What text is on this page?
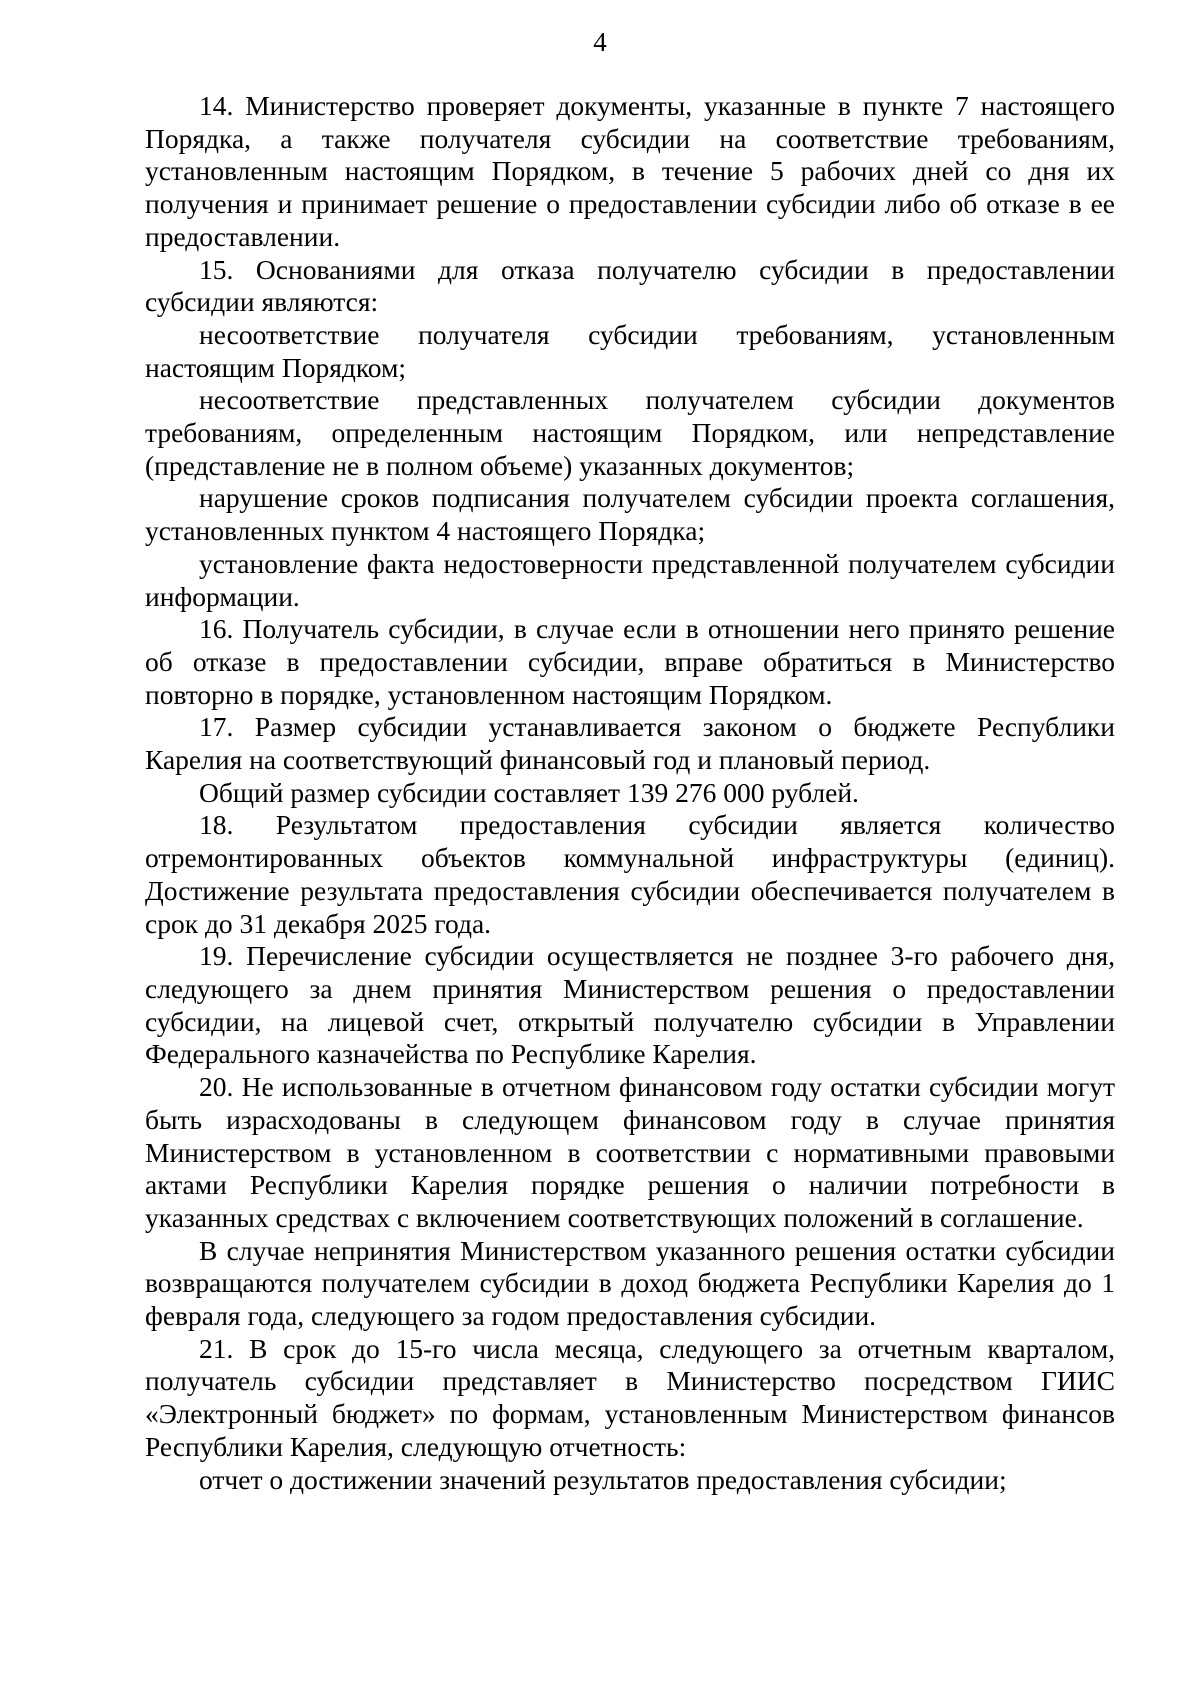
4

14. Министерство проверяет документы, указанные в пункте 7 настоящего Порядка, а также получателя субсидии на соответствие требованиям, установленным настоящим Порядком, в течение 5 рабочих дней со дня их получения и принимает решение о предоставлении субсидии либо об отказе в ее предоставлении.

15. Основаниями для отказа получателю субсидии в предоставлении субсидии являются:

несоответствие получателя субсидии требованиям, установленным настоящим Порядком;

несоответствие представленных получателем субсидии документов требованиям, определенным настоящим Порядком, или непредставление (представление не в полном объеме) указанных документов;

нарушение сроков подписания получателем субсидии проекта соглашения, установленных пунктом 4 настоящего Порядка;

установление факта недостоверности представленной получателем субсидии информации.

16. Получатель субсидии, в случае если в отношении него принято решение об отказе в предоставлении субсидии, вправе обратиться в Министерство повторно в порядке, установленном настоящим Порядком.

17. Размер субсидии устанавливается законом о бюджете Республики Карелия на соответствующий финансовый год и плановый период.

Общий размер субсидии составляет 139 276 000 рублей.

18. Результатом предоставления субсидии является количество отремонтированных объектов коммунальной инфраструктуры (единиц). Достижение результата предоставления субсидии обеспечивается получателем в срок до 31 декабря 2025 года.

19. Перечисление субсидии осуществляется не позднее 3-го рабочего дня, следующего за днем принятия Министерством решения о предоставлении субсидии, на лицевой счет, открытый получателю субсидии в Управлении Федерального казначейства по Республике Карелия.

20. Не использованные в отчетном финансовом году остатки субсидии могут быть израсходованы в следующем финансовом году в случае принятия Министерством в установленном в соответствии с нормативными правовыми актами Республики Карелия порядке решения о наличии потребности в указанных средствах с включением соответствующих положений в соглашение.

В случае непринятия Министерством указанного решения остатки субсидии возвращаются получателем субсидии в доход бюджета Республики Карелия до 1 февраля года, следующего за годом предоставления субсидии.

21. В срок до 15-го числа месяца, следующего за отчетным кварталом, получатель субсидии представляет в Министерство посредством ГИИС «Электронный бюджет» по формам, установленным Министерством финансов Республики Карелия, следующую отчетность:

отчет о достижении значений результатов предоставления субсидии;
